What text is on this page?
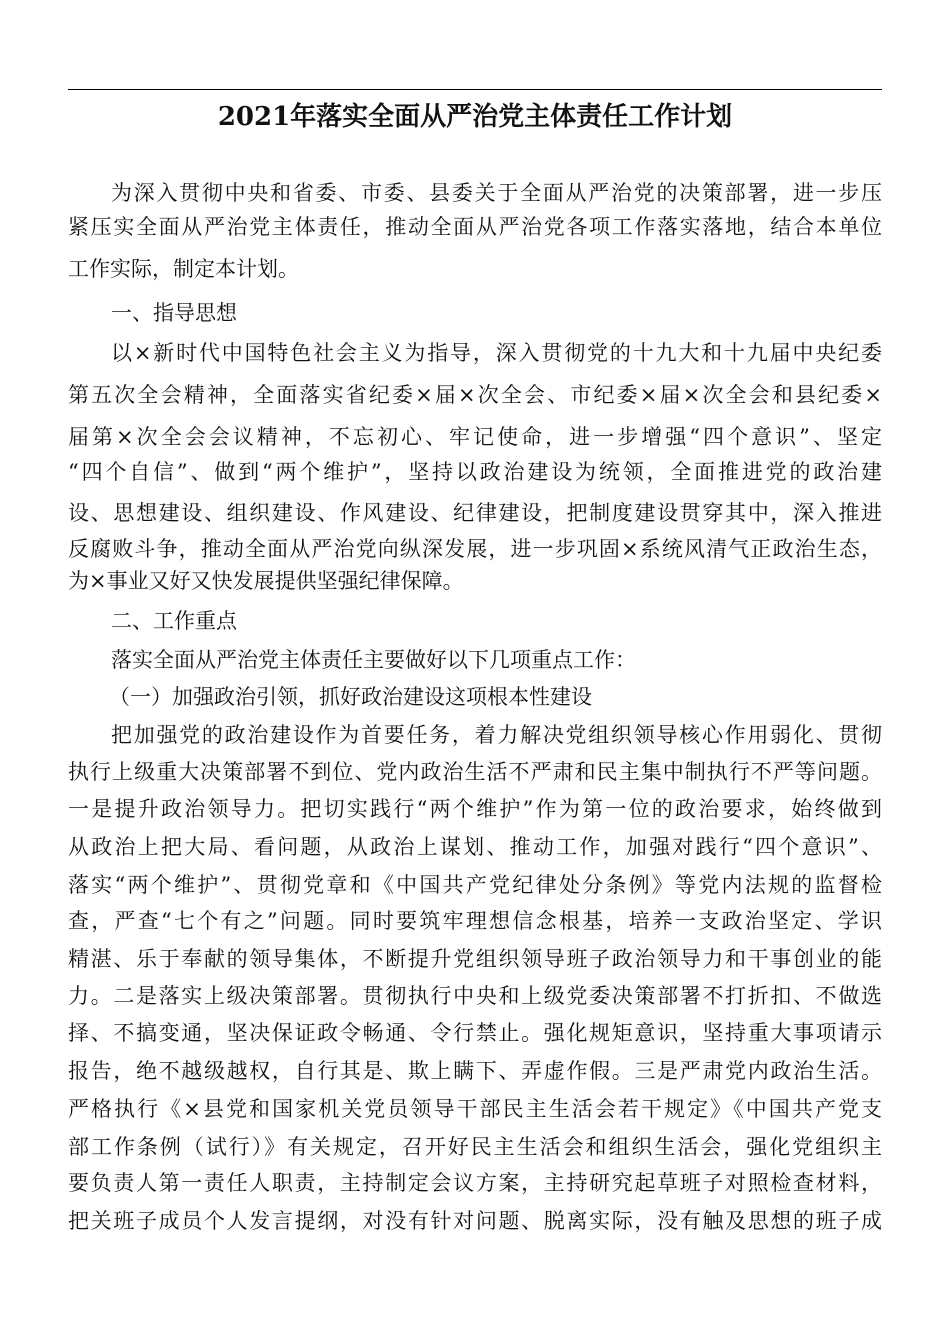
2021年落实全面从严治党主体责任工作计划
为深入贯彻中央和省委、市委、县委关于全面从严治党的决策部署，进一步压
紧压实全面从严治党主体责任，推动全面从严治党各项工作落实落地，结合本单位
工作实际，制定本计划。
一、指导思想
以×新时代中国特色社会主义为指导，深入贯彻党的十九大和十九届中央纪委
第五次全会精神，全面落实省纪委×届×次全会、市纪委×届×次全会和县纪委×
届第×次全会会议精神，不忘初心、牢记使命，进一步增强“四个意识”、坚定
“四个自信”、做到“两个维护”，坚持以政治建设为统领，全面推进党的政治建
设、思想建设、组织建设、作风建设、纪律建设，把制度建设贯穿其中，深入推进
反腐败斗争，推动全面从严治党向纵深发展，进一步巩固×系统风清气正政治生态，
为×事业又好又快发展提供坚强纪律保障。
二、工作重点
落实全面从严治党主体责任主要做好以下几项重点工作：
（一）加强政治引领，抓好政治建设这项根本性建设
把加强党的政治建设作为首要任务，着力解决党组织领导核心作用弱化、贯彻
执行上级重大决策部署不到位、党内政治生活不严肃和民主集中制执行不严等问题。
一是提升政治领导力。把切实践行“两个维护”作为第一位的政治要求，始终做到
从政治上把大局、看问题，从政治上谋划、推动工作，加强对践行“四个意识”、
落实“两个维护”、贯彻党章和《中国共产党纪律处分条例》等党内法规的监督检
查，严查“七个有之”问题。同时要筑牢理想信念根基，培养一支政治坚定、学识
精湛、乐于奉献的领导集体，不断提升党组织领导班子政治领导力和干事创业的能
力。二是落实上级决策部署。贯彻执行中央和上级党委决策部署不打折扣、不做选
择、不搞变通，坚决保证政令畅通、令行禁止。强化规矩意识，坚持重大事项请示
报告，绝不越级越权，自行其是、欺上瞒下、弄虚作假。三是严肃党内政治生活。
严格执行《×县党和国家机关党员领导干部民主生活会若干规定》《中国共产党支
部工作条例（试行）》有关规定，召开好民主生活会和组织生活会，强化党组织主
要负责人第一责任人职责，主持制定会议方案，主持研究起草班子对照检查材料，
把关班子成员个人发言提纲，对没有针对问题、脱离实际，没有触及思想的班子成
